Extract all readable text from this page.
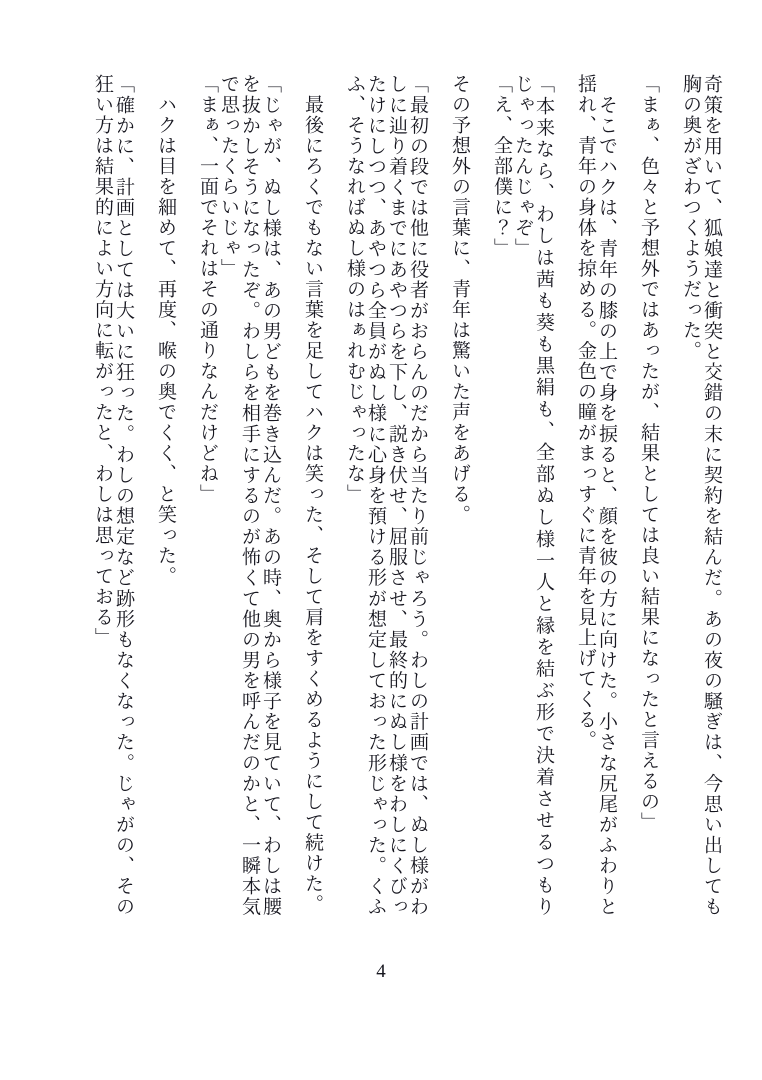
奇策を用いて、狐娘達と衝突と交錯の末に契約を結んだ。あの夜の騒ぎは、今思い出しても胸の奥がざわつくようだった。

「まぁ、色々と予想外ではあったが、結果としては良い結果になったと言えるの」

　そこでハクは、青年の膝の上で身を捩ると、顔を彼の方に向けた。小さな尻尾がふわりと揺れ、青年の身体を掠める。金色の瞳がまっすぐに青年を見上げてくる。

「本来なら、わしは茜も葵も黒絹も、全部ぬし様一人と縁を結ぶ形で決着させるつもりじゃったんじゃぞ」

「え、全部僕に？」

その予想外の言葉に、青年は驚いた声をあげる。

「最初の段では他に役者がおらんのだから当たり前じゃろう。わしの計画では、ぬし様がわしに辿り着くまでにあやつらを下し、説き伏せ、屈服させ、最終的にぬし様をわしにくびったけにしつつ、あやつら全員がぬし様に心身を預ける形が想定しておった形じゃった。くふふ、そうなればぬし様のはぁれむじゃったな」

　最後にろくでもない言葉を足してハクは笑った、そして肩をすくめるようにして続けた。

「じゃが、ぬし様は、あの男どもを巻き込んだ。あの時、奥から様子を見ていて、わしは腰を抜かしそうになったぞ。わしらを相手にするのが怖くて他の男を呼んだのかと、一瞬本気で思ったくらいじゃ」

「まぁ、一面でそれはその通りなんだけどね」

　ハクは目を細めて、再度、喉の奥でくく、と笑った。

「確かに、計画としては大いに狂った。わしの想定など跡形もなくなった。じゃがの、その狂い方は結果的によい方向に転がったと、わしは思っておる」

4
